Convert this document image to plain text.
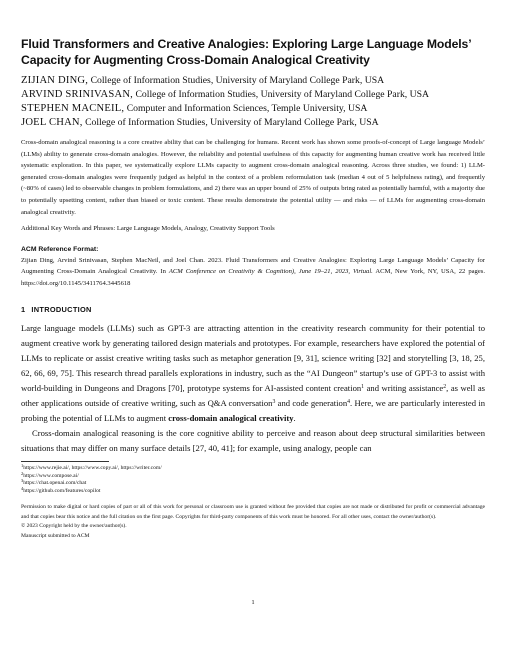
Fluid Transformers and Creative Analogies: Exploring Large Language Models’ Capacity for Augmenting Cross-Domain Analogical Creativity
ZIJIAN DING, College of Information Studies, University of Maryland College Park, USA
ARVIND SRINIVASAN, College of Information Studies, University of Maryland College Park, USA
STEPHEN MACNEIL, Computer and Information Sciences, Temple University, USA
JOEL CHAN, College of Information Studies, University of Maryland College Park, USA

Cross-domain analogical reasoning is a core creative ability that can be challenging for humans. Recent work has shown some proofs-of-concept of Large language Models’ (LLMs) ability to generate cross-domain analogies. However, the reliability and potential usefulness of this capacity for augmenting human creative work has received little systematic exploration. In this paper, we systematically explore LLMs capacity to augment cross-domain analogical reasoning. Across three studies, we found: 1) LLM-generated cross-domain analogies were frequently judged as helpful in the context of a problem reformulation task (median 4 out of 5 helpfulness rating), and frequently (~80% of cases) led to observable changes in problem formulations, and 2) there was an upper bound of 25% of outputs bring rated as potentially harmful, with a majority due to potentially upsetting content, rather than biased or toxic content. These results demonstrate the potential utility — and risks — of LLMs for augmenting cross-domain analogical creativity.

Additional Key Words and Phrases: Large Language Models, Analogy, Creativity Support Tools

ACM Reference Format:

Zijian Ding, Arvind Srinivasan, Stephen MacNeil, and Joel Chan. 2023. Fluid Transformers and Creative Analogies: Exploring Large Language Models’ Capacity for Augmenting Cross-Domain Analogical Creativity. In ACM Conference on Creativity & Cognition), June 19–21, 2023, Virtual. ACM, New York, NY, USA, 22 pages. https://doi.org/10.1145/3411764.3445618

1 INTRODUCTION

Large language models (LLMs) such as GPT-3 are attracting attention in the creativity research community for their potential to augment creative work by generating tailored design materials and prototypes. For example, researchers have explored the potential of LLMs to replicate or assist creative writing tasks such as metaphor generation [9, 31], science writing [32] and storytelling [3, 18, 25, 62, 66, 69, 75]. This research thread parallels explorations in industry, such as the “AI Dungeon” startup’s use of GPT-3 to assist with world-building in Dungeons and Dragons [70], prototype systems for AI-assisted content creation$^1$ and writing assistance$^2$, as well as other applications outside of creative writing, such as Q&A conversation$^3$ and code generation$^4$. Here, we are particularly interested in probing the potential of LLMs to augment cross-domain analogical creativity.

Cross-domain analogical reasoning is the core cognitive ability to perceive and reason about deep structural similarities between situations that may differ on many surface details [27, 40, 41]; for example, using analogy, people can

$^1$https://www.rejie.ai/, https://www.copy.ai/, https://writer.com/

$^2$https://www.compose.ai/

$^3$https://chat.openai.com/chat

$^4$https://github.com/features/copilot

Permission to make digital or hard copies of part or all of this work for personal or classroom use is granted without fee provided that copies are not made or distributed for profit or commercial advantage and that copies bear this notice and the full citation on the first page. Copyrights for third-party components of this work must be honored. For all other uses, contact the owner/author(s).

© 2023 Copyright held by the owner/author(s).

Manuscript submitted to ACM

1
